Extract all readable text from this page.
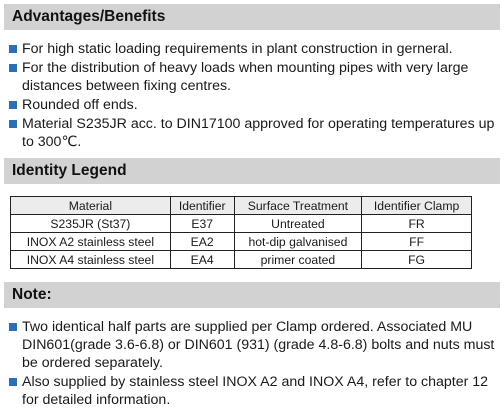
Advantages/Benefits
For high static loading requirements in plant construction in gerneral.
For the distribution of heavy loads when mounting pipes with very large distances between fixing centres.
Rounded off ends.
Material S235JR acc. to DIN17100 approved for operating temperatures up to 300℃.
Identity Legend
Material	Identifier	Surface Treatment	Identifier Clamp
S235JR (St37)	E37	Untreated	FR
INOX A2 stainless steel	EA2	hot-dip galvanised	FF
INOX A4 stainless steel	EA4	primer coated	FG
Note:
Two identical half parts are supplied per Clamp ordered. Associated MU DIN601(grade 3.6-6.8) or DIN601 (931) (grade 4.8-6.8) bolts and nuts must be ordered separately.
Also supplied by stainless steel INOX A2 and INOX A4, refer to chapter 12 for detailed information.
